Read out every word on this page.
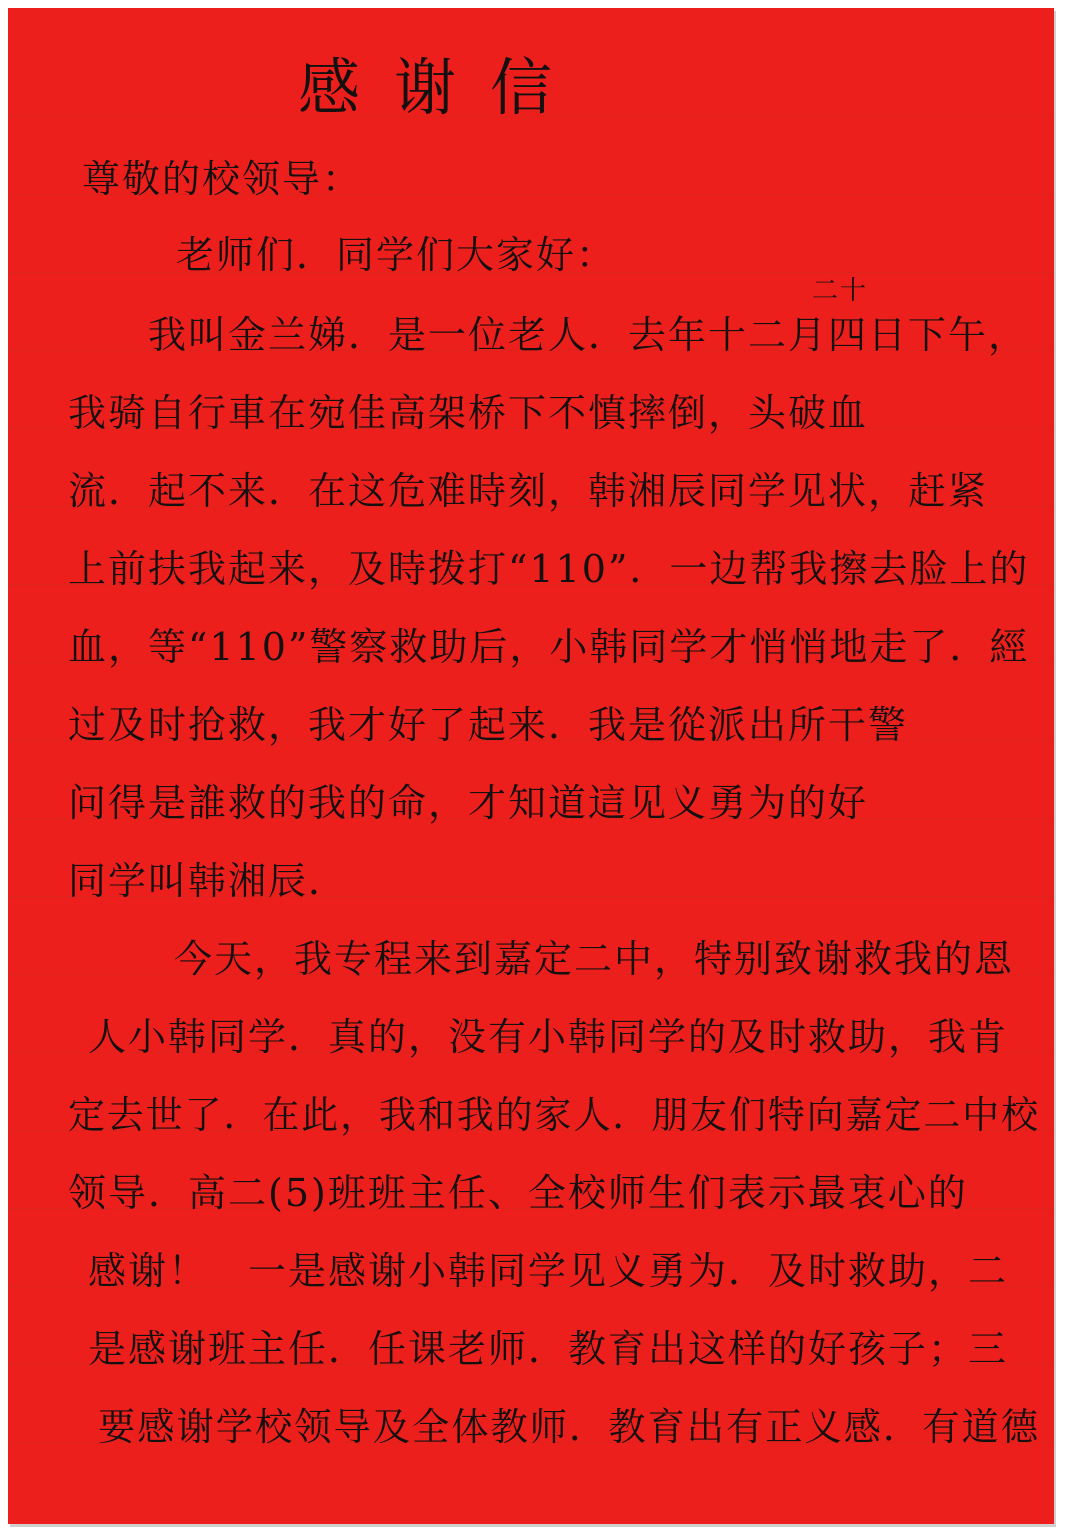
感谢信
尊敬的校领导：
老师们．同学们大家好：
二十
我叫金兰娣．是一位老人．去年十二月四日下午，
我骑自行車在宛佳高架桥下不慎摔倒，头破血
流．起不来．在这危难時刻，韩湘辰同学见状，赶紧
上前扶我起来，及時拨打“110”．一边帮我擦去脸上的
血，等“110”警察救助后，小韩同学才悄悄地走了．經
过及时抢救，我才好了起来．我是從派出所干警
问得是誰救的我的命，才知道這见义勇为的好
同学叫韩湘辰．
今天，我专程来到嘉定二中，特别致谢救我的恩
人小韩同学．真的，没有小韩同学的及时救助，我肯
定去世了．在此，我和我的家人．朋友们特向嘉定二中校
领导．高二(5)班班主任、全校师生们表示最衷心的
感谢！　一是感谢小韩同学见义勇为．及时救助，二
是感谢班主任．任课老师．教育出这样的好孩子；三
要感谢学校领导及全体教师．教育出有正义感．有道德
